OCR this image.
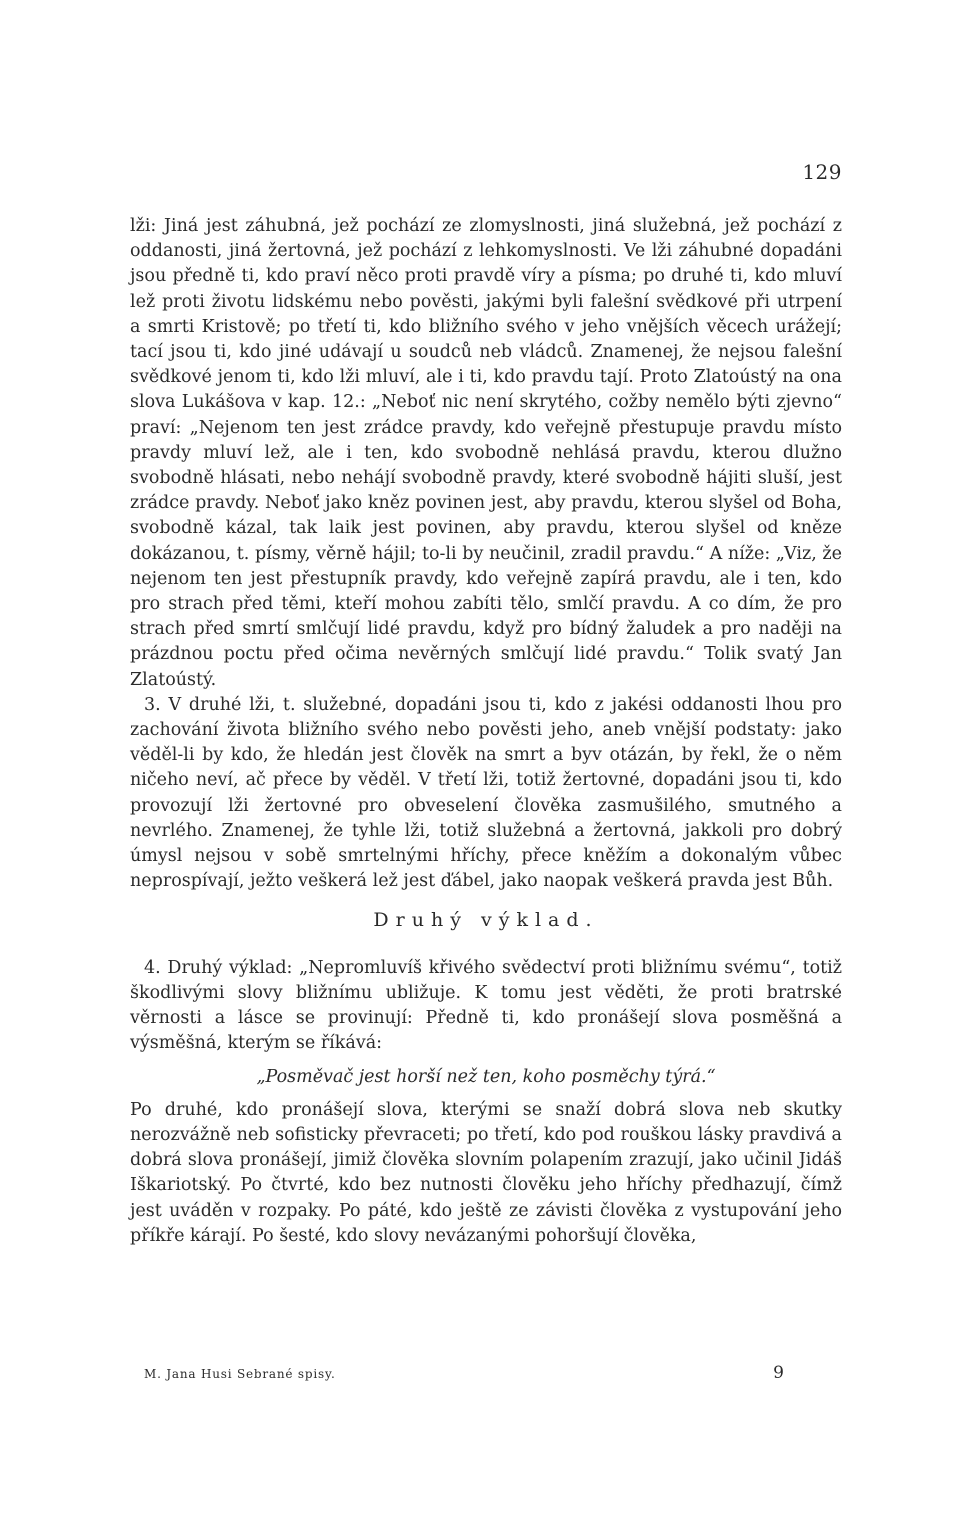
129

lži: Jiná jest záhubná, jež pochází ze zlomyslnosti, jiná služebná, jež pochází z oddanosti, jiná žertovná, jež pochází z lehkomyslnosti. Ve lži záhubné dopadáni jsou předně ti, kdo praví něco proti pravdě víry a písma; po druhé ti, kdo mluví lež proti životu lidskému nebo pověsti, jakými byli falešní svědkové při utrpení a smrti Kristově; po třetí ti, kdo bližního svého v jeho vnějších věcech urážejí; tací jsou ti, kdo jiné udávají u soudců neb vládců. Znamenej, že nejsou falešní svědkové jenom ti, kdo lži mluví, ale i ti, kdo pravdu tají. Proto Zlatoústý na ona slova Lukášova v kap. 12.: „Neboť nic není skrytého, cožby nemělo býti zjevno“ praví: „Nejenom ten jest zrádce pravdy, kdo veřejně přestupuje pravdu místo pravdy mluví lež, ale i ten, kdo svobodně nehlásá pravdu, kterou dlužno svobodně hlásati, nebo nehájí svobodně pravdy, které svobodně hájiti sluší, jest zrádce pravdy. Neboť jako kněz povinen jest, aby pravdu, kterou slyšel od Boha, svobodně kázal, tak laik jest povinen, aby pravdu, kterou slyšel od kněze dokázanou, t. písmy, věrně hájil; to-li by neučinil, zradil pravdu.“ A níže: „Viz, že nejenom ten jest přestupník pravdy, kdo veřejně zapírá pravdu, ale i ten, kdo pro strach před těmi, kteří mohou zabíti tělo, smlčí pravdu. A co dím, že pro strach před smrtí smlčují lidé pravdu, když pro bídný žaludek a pro naději na prázdnou poctu před očima nevěrných smlčují lidé pravdu.“ Tolik svatý Jan Zlatoústý.

3. V druhé lži, t. služebné, dopadáni jsou ti, kdo z jakési oddanosti lhou pro zachování života bližního svého nebo pověsti jeho, aneb vnější podstaty: jako věděl-li by kdo, že hledán jest člověk na smrt a byv otázán, by řekl, že o něm ničeho neví, ač přece by věděl. V třetí lži, totiž žertovné, dopadáni jsou ti, kdo provozují lži žertovné pro obveselení člověka zasmušilého, smutného a nevrlého. Znamenej, že tyhle lži, totiž služebná a žertovná, jakkoli pro dobrý úmysl nejsou v sobě smrtelnými hříchy, přece kněžím a dokonalým vůbec neprospívají, ježto veškerá lež jest ďábel, jako naopak veškerá pravda jest Bůh.

Druhý výklad.

4. Druhý výklad: „Nepromluvíš křivého svědectví proti bližnímu svému“, totiž škodlivými slovy bližnímu ubližuje. K tomu jest věděti, že proti bratrské věrnosti a lásce se provinují: Předně ti, kdo pronášejí slova posměšná a výsměšná, kterým se říkává:

„Posměvač jest horší než ten, koho posměchy týrá.“

Po druhé, kdo pronášejí slova, kterými se snaží dobrá slova neb skutky nerozvážně neb sofisticky převraceti; po třetí, kdo pod rouškou lásky pravdivá a dobrá slova pronášejí, jimiž člověka slovním polapením zrazují, jako učinil Jidáš Iškariotský. Po čtvrté, kdo bez nutnosti člověku jeho hříchy předhazují, čímž jest uváděn v rozpaky. Po páté, kdo ještě ze závisti člověka z vystupování jeho příkře kárají. Po šesté, kdo slovy nevázanými pohoršují člověka,

M. Jana Husi Sebrané spisy.	9
